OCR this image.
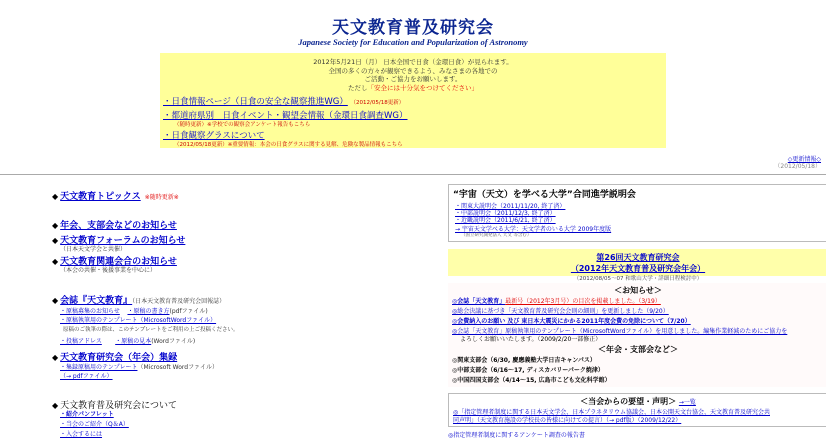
天文教育普及研究会
Japanese Society for Education and Popularization of Astronomy
2012年5月21日（月） 日本全国で日食（金環日食）が見られます。
全国の多くの方々が観察できるよう、みなさまの各地での
ご活動・ご協力をお願いします。
ただし「安全には十分気をつけてください」
・日食情報ページ（日食の安全な観察推進WG） （2012/05/18更新）
・都道府県別　日食イベント・観望会情報（金環日食調査WG）
（随時更新）※学校での観察会アンケート報告もこちら
・日食観察グラスについて
（2012/05/18更新）※重要情報：本会の日食グラスに関する見解、危険な製品情報もこちら
◇更新情報◇
（2012/05/18）
◆ 天文教育トピックス ※随時更新※
◆ 年会、支部会などのお知らせ
◆ 天文教育フォーラムのお知らせ
（日本天文学会と共催）
◆ 天文教育関連会合のお知らせ
（本会の共催・後援事業を中心に）
◆ 会誌『天文教育』（日本天文教育普及研究会回報誌）
・原稿募集のお知らせ ・原稿の書き方(pdfファイル)
・原稿執筆用のテンプレート（MicrosoftWordファイル）
原稿のご執筆の際は、このテンプレートをご利用の上ご投稿ください。
・投稿アドレス ・原稿の見本(Wordファイル)
◆ 天文教育研究会（年会）集録
・集録原稿用のテンプレート（Microsoft Wordファイル）
（→ pdfファイル）
◆ 天文教育普及研究会について
・紹介パンフレット
・当会のご紹介（Q＆A）
・入会するには
“宇宙（天文）を学べる大学”合同進学説明会
・関東大説明会（2011/11/20, 終了済）
・中部説明会（2011/12/3, 終了済）
・近畿説明会（2011/6/21, 終了済）
→ 宇宙天文学べる大学：天文学者のいる大学 2009年度版
（国立研究開発法人 天文 等含む）
第26回天文教育研究会
（2012年天文教育普及研究会年会）
（2012/08/05〜07 和歌山大学・詳細日程検討中）
＜お知らせ＞
◎会誌「天文教育」最新号（2012年3月号）の目次を掲載しました。（3/19）
◎総会決議に基づき「天文教育普及研究会会則の細則」を更新しました（9/20）
◎会費納入のお願い 及び 東日本大震災にかかる2011年度会費の免除について（7/20）
◎会誌「天文教育」原稿執筆用のテンプレート（MicrosoftWordファイル）を用意しました。編集作業軽減のためにご協力を
よろしくお願いいたします。（2009/2/20一部修正）
＜年会・支部会など＞
◎関東支部会（6/30, 慶應義塾大学日吉キャンパス）
◎中部支部会（6/16〜17, ディスカバリーパーク焼津）
◎中国四国支部会（4/14〜15, 広島市こども文化科学館）
＜当会からの要望・声明＞ →一覧
◎「指定管理者制度に関する日本天文学会、日本プラネタリウム協議会、日本公開天文台協会、天文教育普及研究会共
同声明」（天文教育施設の学校長の皆様に向けての提言）（→ pdf版）（2009/12/22）
◎指定管理者制度に関するアンケート調査の報告書
